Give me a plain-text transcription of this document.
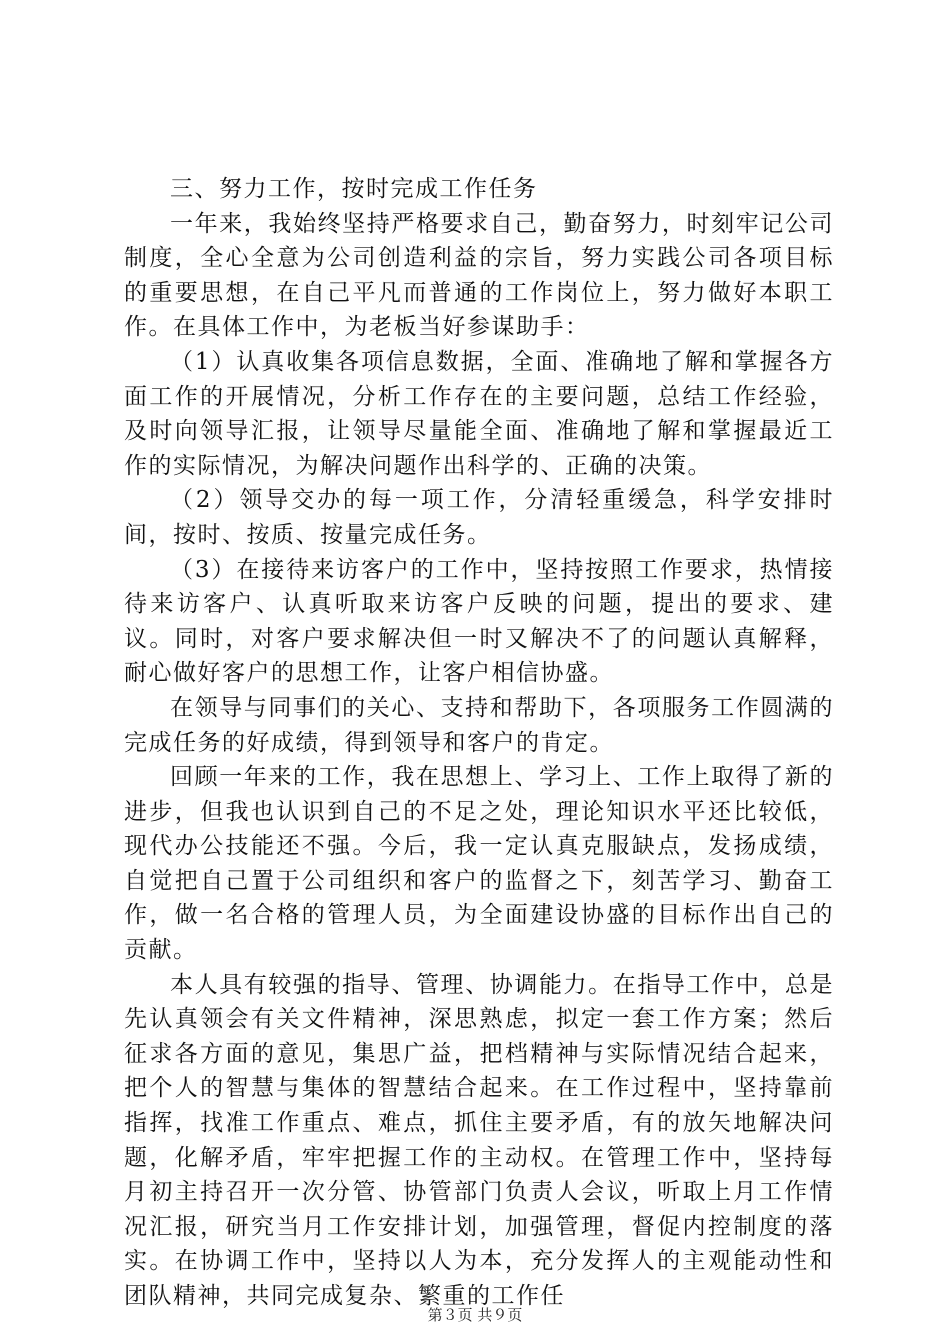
三、努力工作，按时完成工作任务

一年来，我始终坚持严格要求自己，勤奋努力，时刻牢记公司制度，全心全意为公司创造利益的宗旨，努力实践公司各项目标的重要思想，在自己平凡而普通的工作岗位上，努力做好本职工作。在具体工作中，为老板当好参谋助手：

（1）认真收集各项信息数据，全面、准确地了解和掌握各方面工作的开展情况，分析工作存在的主要问题，总结工作经验，及时向领导汇报，让领导尽量能全面、准确地了解和掌握最近工作的实际情况，为解决问题作出科学的、正确的决策。

（2）领导交办的每一项工作，分清轻重缓急，科学安排时间，按时、按质、按量完成任务。

（3）在接待来访客户的工作中，坚持按照工作要求，热情接待来访客户、认真听取来访客户反映的问题，提出的要求、建议。同时，对客户要求解决但一时又解决不了的问题认真解释，耐心做好客户的思想工作，让客户相信协盛。

在领导与同事们的关心、支持和帮助下，各项服务工作圆满的完成任务的好成绩，得到领导和客户的肯定。

回顾一年来的工作，我在思想上、学习上、工作上取得了新的进步，但我也认识到自己的不足之处，理论知识水平还比较低，现代办公技能还不强。今后，我一定认真克服缺点，发扬成绩，自觉把自己置于公司组织和客户的监督之下，刻苦学习、勤奋工作，做一名合格的管理人员，为全面建设协盛的目标作出自己的贡献。

本人具有较强的指导、管理、协调能力。在指导工作中，总是先认真领会有关文件精神，深思熟虑，拟定一套工作方案；然后征求各方面的意见，集思广益，把档精神与实际情况结合起来，把个人的智慧与集体的智慧结合起来。在工作过程中，坚持靠前指挥，找准工作重点、难点，抓住主要矛盾，有的放矢地解决问题，化解矛盾，牢牢把握工作的主动权。在管理工作中，坚持每月初主持召开一次分管、协管部门负责人会议，听取上月工作情况汇报，研究当月工作安排计划，加强管理，督促内控制度的落实。在协调工作中，坚持以人为本，充分发挥人的主观能动性和团队精神，共同完成复杂、繁重的工作任

第３页 共９页
